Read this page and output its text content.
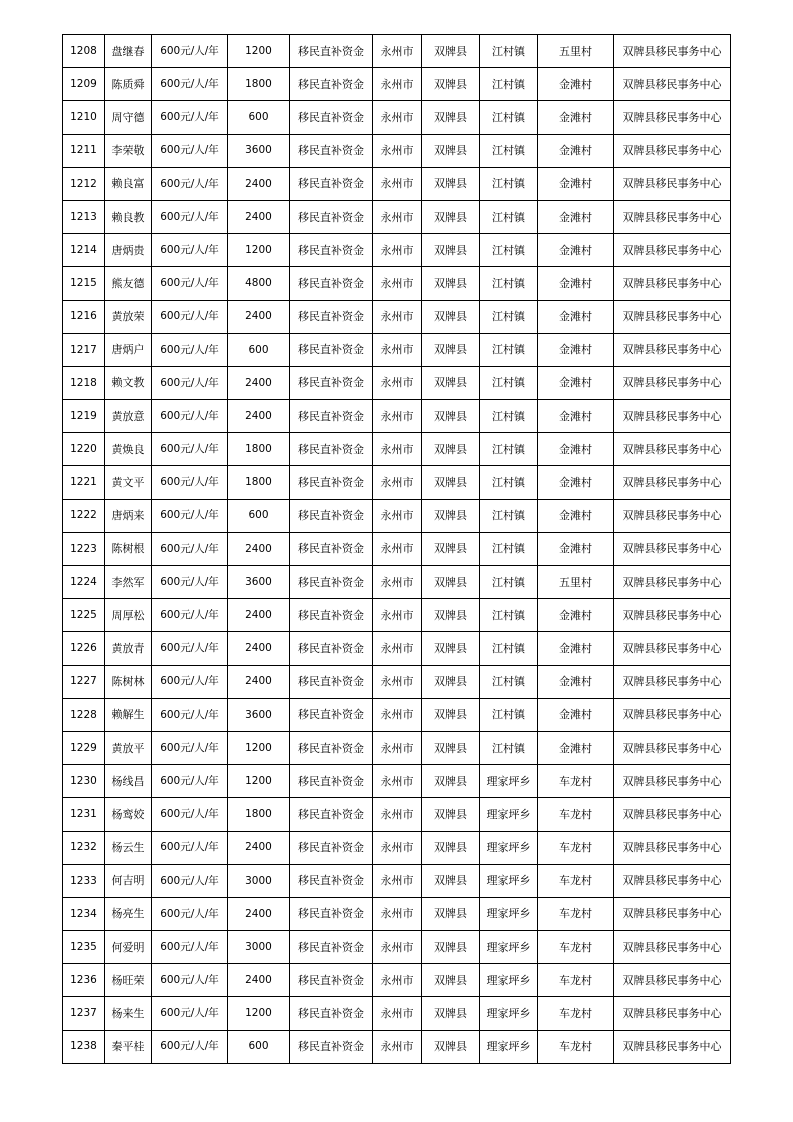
1208	盘继春	600元/人/年	1200	移民直补资金	永州市	双牌县	江村镇	五里村	双牌县移民事务中心
1209	陈质舜	600元/人/年	1800	移民直补资金	永州市	双牌县	江村镇	金滩村	双牌县移民事务中心
1210	周守德	600元/人/年	600	移民直补资金	永州市	双牌县	江村镇	金滩村	双牌县移民事务中心
1211	李荣敬	600元/人/年	3600	移民直补资金	永州市	双牌县	江村镇	金滩村	双牌县移民事务中心
1212	赖良富	600元/人/年	2400	移民直补资金	永州市	双牌县	江村镇	金滩村	双牌县移民事务中心
1213	赖良教	600元/人/年	2400	移民直补资金	永州市	双牌县	江村镇	金滩村	双牌县移民事务中心
1214	唐炳贵	600元/人/年	1200	移民直补资金	永州市	双牌县	江村镇	金滩村	双牌县移民事务中心
1215	熊友德	600元/人/年	4800	移民直补资金	永州市	双牌县	江村镇	金滩村	双牌县移民事务中心
1216	黄放荣	600元/人/年	2400	移民直补资金	永州市	双牌县	江村镇	金滩村	双牌县移民事务中心
1217	唐炳户	600元/人/年	600	移民直补资金	永州市	双牌县	江村镇	金滩村	双牌县移民事务中心
1218	赖文教	600元/人/年	2400	移民直补资金	永州市	双牌县	江村镇	金滩村	双牌县移民事务中心
1219	黄放意	600元/人/年	2400	移民直补资金	永州市	双牌县	江村镇	金滩村	双牌县移民事务中心
1220	黄焕良	600元/人/年	1800	移民直补资金	永州市	双牌县	江村镇	金滩村	双牌县移民事务中心
1221	黄文平	600元/人/年	1800	移民直补资金	永州市	双牌县	江村镇	金滩村	双牌县移民事务中心
1222	唐炳来	600元/人/年	600	移民直补资金	永州市	双牌县	江村镇	金滩村	双牌县移民事务中心
1223	陈树根	600元/人/年	2400	移民直补资金	永州市	双牌县	江村镇	金滩村	双牌县移民事务中心
1224	李然军	600元/人/年	3600	移民直补资金	永州市	双牌县	江村镇	五里村	双牌县移民事务中心
1225	周厚松	600元/人/年	2400	移民直补资金	永州市	双牌县	江村镇	金滩村	双牌县移民事务中心
1226	黄放青	600元/人/年	2400	移民直补资金	永州市	双牌县	江村镇	金滩村	双牌县移民事务中心
1227	陈树林	600元/人/年	2400	移民直补资金	永州市	双牌县	江村镇	金滩村	双牌县移民事务中心
1228	赖解生	600元/人/年	3600	移民直补资金	永州市	双牌县	江村镇	金滩村	双牌县移民事务中心
1229	黄放平	600元/人/年	1200	移民直补资金	永州市	双牌县	江村镇	金滩村	双牌县移民事务中心
1230	杨线昌	600元/人/年	1200	移民直补资金	永州市	双牌县	理家坪乡	车龙村	双牌县移民事务中心
1231	杨鸾姣	600元/人/年	1800	移民直补资金	永州市	双牌县	理家坪乡	车龙村	双牌县移民事务中心
1232	杨云生	600元/人/年	2400	移民直补资金	永州市	双牌县	理家坪乡	车龙村	双牌县移民事务中心
1233	何吉明	600元/人/年	3000	移民直补资金	永州市	双牌县	理家坪乡	车龙村	双牌县移民事务中心
1234	杨亮生	600元/人/年	2400	移民直补资金	永州市	双牌县	理家坪乡	车龙村	双牌县移民事务中心
1235	何爱明	600元/人/年	3000	移民直补资金	永州市	双牌县	理家坪乡	车龙村	双牌县移民事务中心
1236	杨旺荣	600元/人/年	2400	移民直补资金	永州市	双牌县	理家坪乡	车龙村	双牌县移民事务中心
1237	杨来生	600元/人/年	1200	移民直补资金	永州市	双牌县	理家坪乡	车龙村	双牌县移民事务中心
1238	秦平桂	600元/人/年	600	移民直补资金	永州市	双牌县	理家坪乡	车龙村	双牌县移民事务中心
